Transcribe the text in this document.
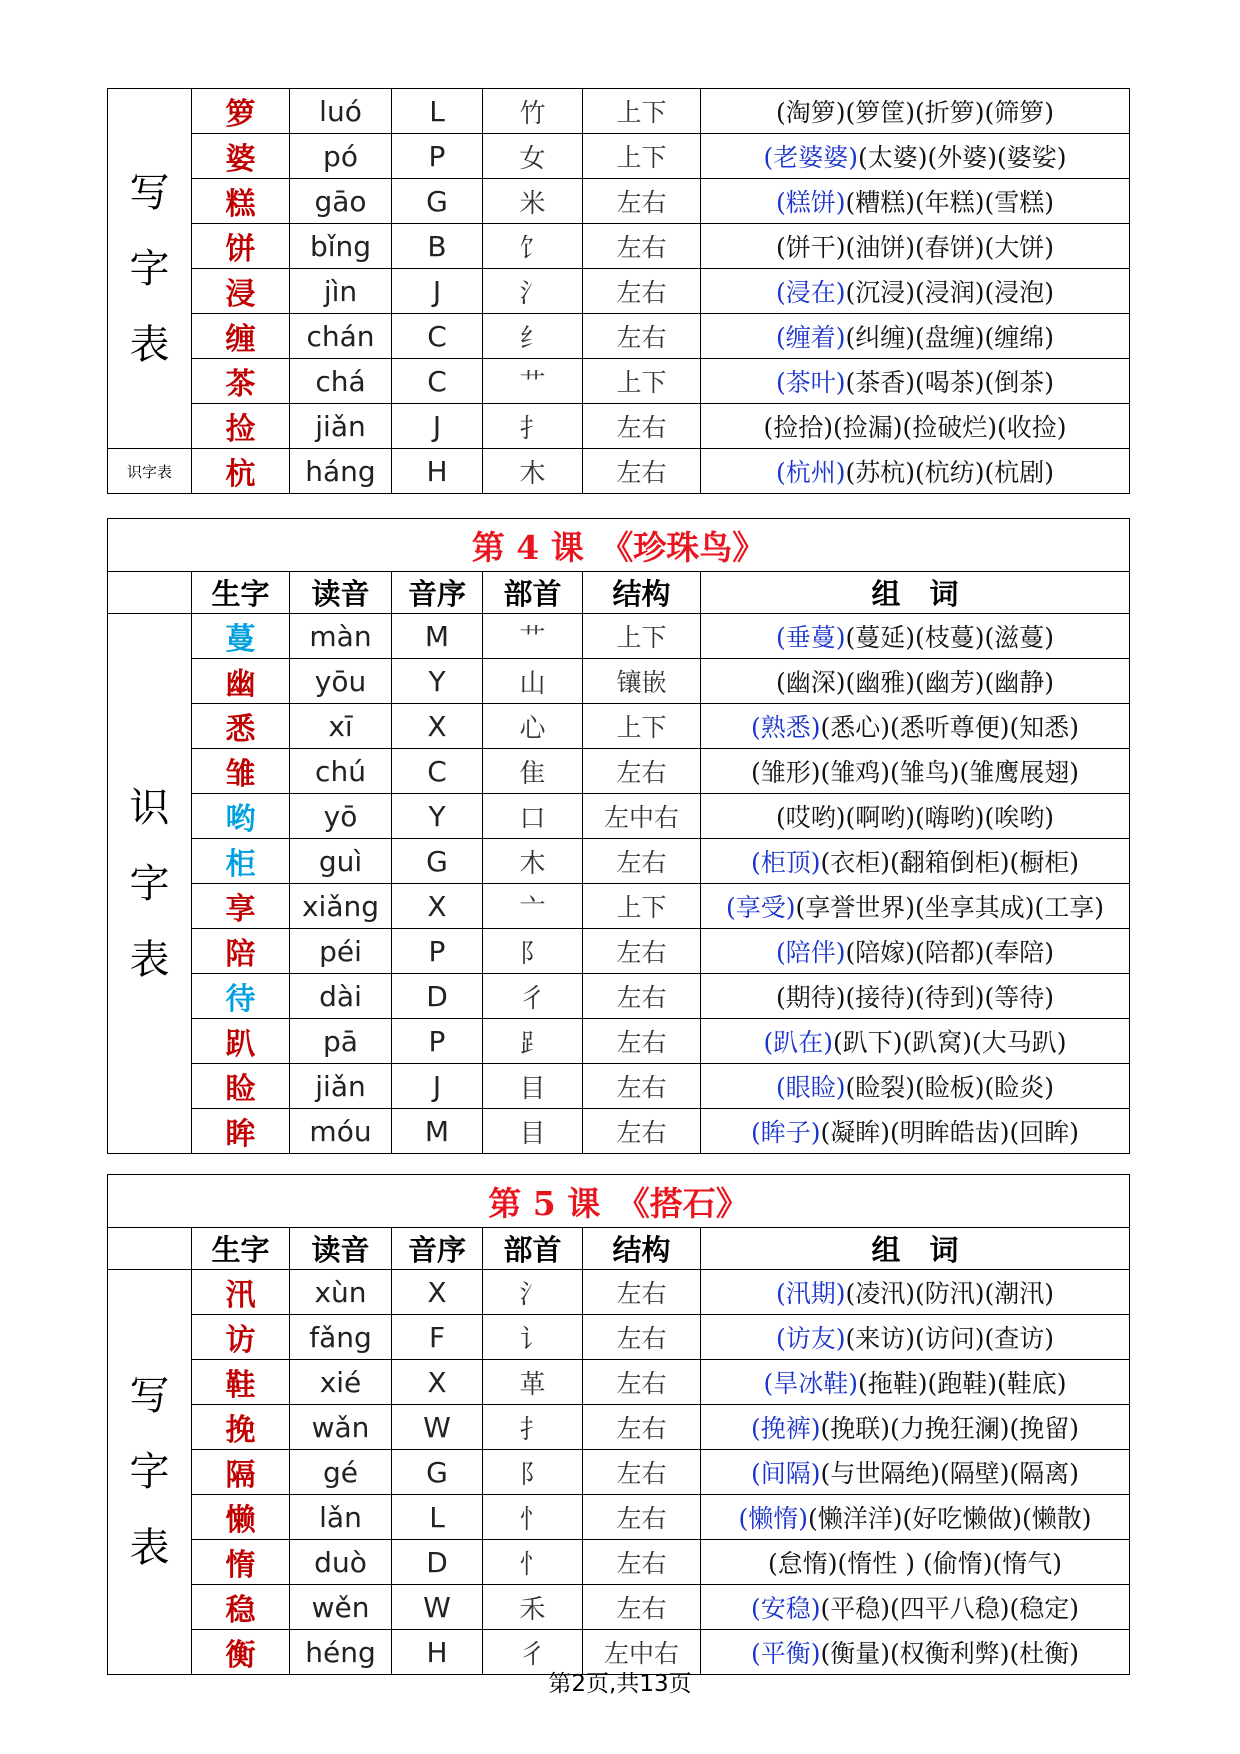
写
字
表	箩	luó	L	竹	上下	(淘箩)(箩筐)(折箩)(筛箩)
	婆	pó	P	女	上下	(老婆婆)(太婆)(外婆)(婆娑)
	糕	gāo	G	米	左右	(糕饼)(糟糕)(年糕)(雪糕)
	饼	bǐng	B	饣	左右	(饼干)(油饼)(春饼)(大饼)
	浸	jìn	J	氵	左右	(浸在)(沉浸)(浸润)(浸泡)
	缠	chán	C	纟	左右	(缠着)(纠缠)(盘缠)(缠绵)
	茶	chá	C	艹	上下	(茶叶)(茶香)(喝茶)(倒茶)
	捡	jiǎn	J	扌	左右	(捡拾)(捡漏)(捡破烂)(收捡)
识字表	杭	háng	H	木	左右	(杭州)(苏杭)(杭纺)(杭剧)
第 4 课　《珍珠鸟》						
	生字	读音	音序	部首	结构	组　词

识
字
表	蔓	màn	M	艹	上下	(垂蔓)(蔓延)(枝蔓)(滋蔓)
	幽	yōu	Y	山	镶嵌	(幽深)(幽雅)(幽芳)(幽静)
	悉	xī	X	心	上下	(熟悉)(悉心)(悉听尊便)(知悉)
	雏	chú	C	隹	左右	(雏形)(雏鸡)(雏鸟)(雏鹰展翅)
	哟	yō	Y	口	左中右	(哎哟)(啊哟)(嗨哟)(唉哟)
	柜	guì	G	木	左右	(柜顶)(衣柜)(翻箱倒柜)(橱柜)
	享	xiǎng	X	亠	上下	(享受)(享誉世界)(坐享其成)(工享)
	陪	péi	P	阝	左右	(陪伴)(陪嫁)(陪都)(奉陪)
	待	dài	D	彳	左右	(期待)(接待)(待到)(等待)
	趴	pā	P	⻊	左右	(趴在)(趴下)(趴窝)(大马趴)
	睑	jiǎn	J	目	左右	(眼睑)(睑裂)(睑板)(睑炎)
	眸	móu	M	目	左右	(眸子)(凝眸)(明眸皓齿)(回眸)
第 5 课　《搭石》						
	生字	读音	音序	部首	结构	组　词

写
字
表	汛	xùn	X	氵	左右	(汛期)(凌汛)(防汛)(潮汛)
	访	fǎng	F	讠	左右	(访友)(来访)(访问)(查访)
	鞋	xié	X	革	左右	(旱冰鞋)(拖鞋)(跑鞋)(鞋底)
	挽	wǎn	W	扌	左右	(挽裤)(挽联)(力挽狂澜)(挽留)
	隔	gé	G	阝	左右	(间隔)(与世隔绝)(隔壁)(隔离)
	懒	lǎn	L	忄	左右	(懒惰)(懒洋洋)(好吃懒做)(懒散)
	惰	duò	D	忄	左右	(怠惰)(惰性 ) (偷惰)(惰气)
	稳	wěn	W	禾	左右	(安稳)(平稳)(四平八稳)(稳定)
	衡	héng	H	彳	左中右	(平衡)(衡量)(权衡利弊)(杜衡)
第2页,共13页
